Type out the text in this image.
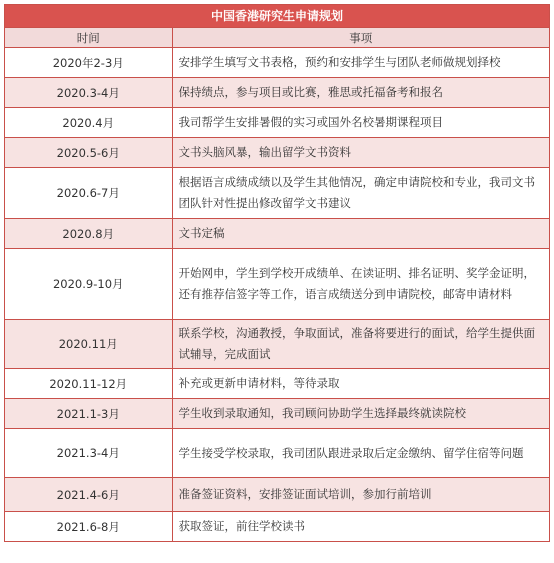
中国香港研究生申请规划
时间	事项
2020年2-3月	安排学生填写文书表格，预约和安排学生与团队老师做规划择校
2020.3-4月	保持绩点，参与项目或比赛，雅思或托福备考和报名
2020.4月	我司帮学生安排暑假的实习或国外名校暑期课程项目
2020.5-6月	文书头脑风暴，输出留学文书资料
2020.6-7月	根据语言成绩成绩以及学生其他情况，确定申请院校和专业，我司文书团队针对性提出修改留学文书建议
2020.8月	文书定稿
2020.9-10月	开始网申，学生到学校开成绩单、在读证明、排名证明、奖学金证明，还有推荐信签字等工作，语言成绩送分到申请院校，邮寄申请材料
2020.11月	联系学校，沟通教授，争取面试，准备将要进行的面试，给学生提供面试辅导，完成面试
2020.11-12月	补充或更新申请材料，等待录取
2021.1-3月	学生收到录取通知，我司顾问协助学生选择最终就读院校
2021.3-4月	学生接受学校录取，我司团队跟进录取后定金缴纳、留学住宿等问题
2021.4-6月	准备签证资料，安排签证面试培训，参加行前培训
2021.6-8月	获取签证，前往学校读书
